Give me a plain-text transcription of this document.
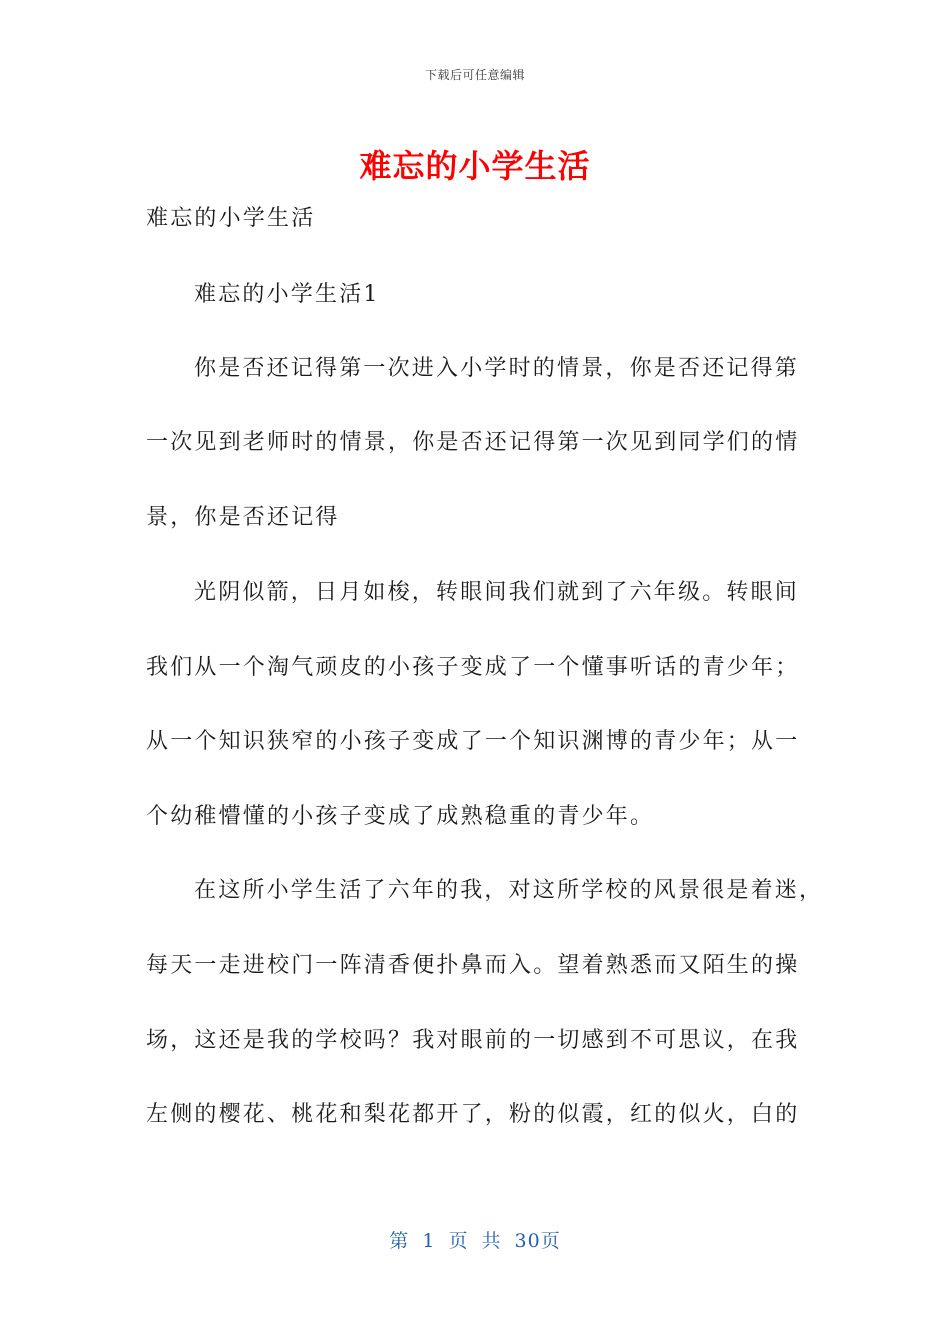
下载后可任意编辑
难忘的小学生活
难忘的小学生活
难忘的小学生活1
你是否还记得第一次进入小学时的情景，你是否还记得第
一次见到老师时的情景，你是否还记得第一次见到同学们的情
景，你是否还记得
光阴似箭，日月如梭，转眼间我们就到了六年级。转眼间
我们从一个淘气顽皮的小孩子变成了一个懂事听话的青少年；
从一个知识狭窄的小孩子变成了一个知识渊博的青少年；从一
个幼稚懵懂的小孩子变成了成熟稳重的青少年。
在这所小学生活了六年的我，对这所学校的风景很是着迷，
每天一走进校门一阵清香便扑鼻而入。望着熟悉而又陌生的操
场，这还是我的学校吗？我对眼前的一切感到不可思议，在我
左侧的樱花、桃花和梨花都开了，粉的似霞，红的似火，白的
第 1 页 共 30页
